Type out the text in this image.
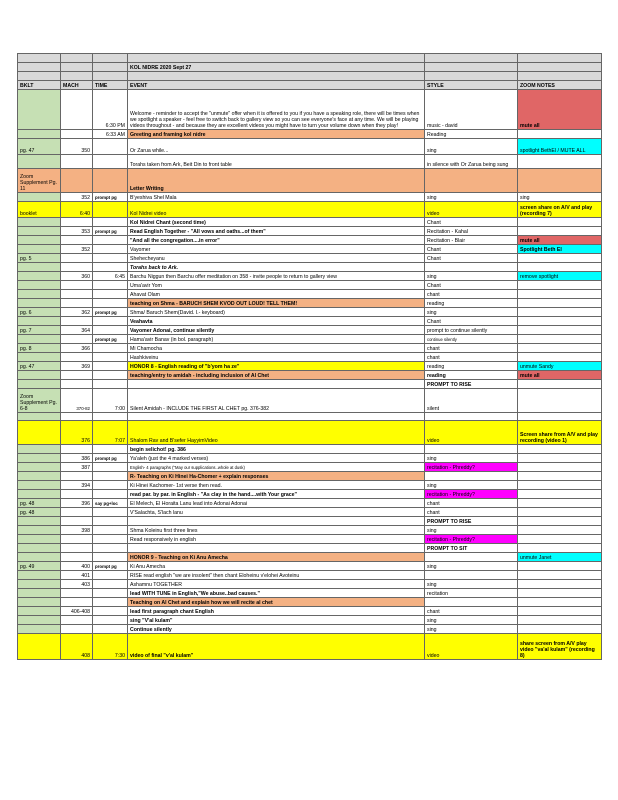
			KOL NIDRE 2020 Sept 27		

BKLT	MACH	TIME	EVENT	STYLE	ZOOM NOTES
		6:30 PM	Welcome - reminder to accept the "unmute" offer when it is offered to you if you have a speaking role, there will be times when we spotlight a speaker - feel free to switch back to gallery view so you can see everyone's face at any time. We will be playing videos throughout - and because they are excellent videos you might have to turn your volume down when they play!	music - david	mute all
		6:33 AM	Greeting and framing kol nidre	Reading	
pg. 47	350		Or Zarua while...	sing	spotlight BethEl / MUTE ALL
			Torahs taken from Ark, Beit Din to front table	in silence with Or Zarua being sung	
Zoom Supplement Pg. 11			Letter Writing		
	352	prompt pg	B'yeshiva Shel Mala	sing	sing
booklet	6:40		Kol Nidrei video	video	screen share on A/V and play (recording 7)
			Kol Nidrei Chant (second time)	Chant	
	353	prompt pg	Read English Together - "All vows and oaths...of them"	Recitation - Kahal	
			"And all the congregation....in error"	Recitation - Blair	mute all
	352		Vayomer	Chant	Spotlight Beth El
pg. 5			Shehecheyanu	Chant	
			Torahs back to Ark.		
	360	6:45	Barchu Niggun then Barchu offer meditation on 358 - invite people to return to gallery view	sing	remove spotlight
			Uma'avir Yom	Chant	
			Ahavat Olam	chant	
			teaching on Shma - BARUCH SHEM KVOD OUT LOUD! TELL THEM!	reading	
pg. 6	362	prompt pg	Shma/ Baruch Shem(David. I.- keyboard)	sing	
			Veahavta	Chant	
pg. 7	364		Vayomer Adonai, continue silently	prompt to continue silently	
		prompt pg	Hama'avir Banav (in bol. paragraph)	continue silently	
pg. 8	366		Mi Chamocha	chant	
			Hashkiveinu	chant	
pg. 47	369		HONOR 8 - English reading of "b'yom ha ze"	reading	unmute Sandy
			teaching/entry to amidah - including inclusion of Al Chet	reading	mute all
				PROMPT TO RISE	
Zoom Supplement Pg. 6-8	370-82	7:00	Silent Amidah - INCLUDE THE FIRST AL CHET pg. 376-382	silent	

	376	7:07	Shalom Rav and B'sefer HayyimVideo	video	Screen share from A/V and play recording (video 1)
			begin selichot! pg. 386		
	386	prompt pg	Ya'aleh (just the 4 marked verses)	sing	
	387		English- 4 paragraphs ("May our supplications..whole at dusk)	recitation - Phreddy?	
			R- Teaching on Ki Hinei Ha-Chomer + explain responses		
	394		Ki Hinei Kachomer- 1st verse then read.	sing	
			read par. by par. in English - "As clay in the hand....with Your grace"	recitation - Phreddy?	
pg. 48	396	say pg+loc	El Melech, El Horaita Lanu lead into Adonai Adonai	chant	
pg. 48			V'Salachta, S'lach lanu	chant	
				PROMPT TO RISE	
	398		Shma Koleinu first three lines	sing	
			Read responsively in english	recitation - Phreddy?	
				PROMPT TO SIT	
			HONOR 9 - Teaching on Ki Anu Amecha		unmute Janet
pg. 49	400	prompt pg	Ki Anu Amecha	sing	
	401		RISE read english "we are insolent" then chant Eloheinu v'elohei Avoteinu		
	403		Ashamnu TOGETHER	sing	
			lead WITH TUNE in English,"We abuse..bad causes."	recitation	
			Teaching on Al Chet and explain how we will recite al chet		
	406-408		lead first paragraph chant English	chant	
			sing "V'al kulam"	sing	
			Continue silently	sing	
	408	7:30	video of final "v'al kulam"	video	share screen from A/V play video "va'al kulam" (recording 8)
